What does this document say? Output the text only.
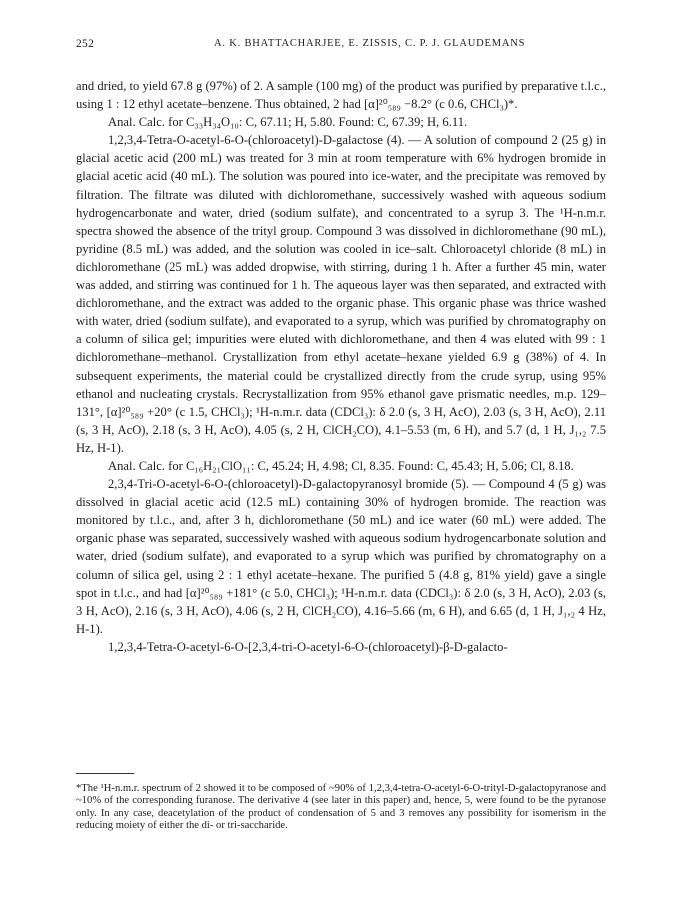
252	A. K. BHATTACHARJEE, E. ZISSIS, C. P. J. GLAUDEMANS

and dried, to yield 67.8 g (97%) of 2. A sample (100 mg) of the product was purified by preparative t.l.c., using 1 : 12 ethyl acetate–benzene. Thus obtained, 2 had [α]²⁰₅₈₉ −8.2° (c 0.6, CHCl₃)*.

Anal. Calc. for C₃₃H₃₄O₁₀: C, 67.11; H, 5.80. Found: C, 67.39; H, 6.11.

1,2,3,4-Tetra-O-acetyl-6-O-(chloroacetyl)-D-galactose (4). — A solution of compound 2 (25 g) in glacial acetic acid (200 mL) was treated for 3 min at room temperature with 6% hydrogen bromide in glacial acetic acid (40 mL). The solution was poured into ice-water, and the precipitate was removed by filtration. The filtrate was diluted with dichloromethane, successively washed with aqueous sodium hydrogencarbonate and water, dried (sodium sulfate), and concentrated to a syrup 3. The ¹H-n.m.r. spectra showed the absence of the trityl group. Compound 3 was dissolved in dichloromethane (90 mL), pyridine (8.5 mL) was added, and the solution was cooled in ice–salt. Chloroacetyl chloride (8 mL) in dichloromethane (25 mL) was added dropwise, with stirring, during 1 h. After a further 45 min, water was added, and stirring was continued for 1 h. The aqueous layer was then separated, and extracted with dichloromethane, and the extract was added to the organic phase. This organic phase was thrice washed with water, dried (sodium sulfate), and evaporated to a syrup, which was purified by chromatography on a column of silica gel; impurities were eluted with dichloromethane, and then 4 was eluted with 99 : 1 dichloromethane–methanol. Crystallization from ethyl acetate–hexane yielded 6.9 g (38%) of 4. In subsequent experiments, the material could be crystallized directly from the crude syrup, using 95% ethanol and nucleating crystals. Recrystallization from 95% ethanol gave prismatic needles, m.p. 129–131°, [α]²⁰₅₈₉ +20° (c 1.5, CHCl₃); ¹H-n.m.r. data (CDCl₃): δ 2.0 (s, 3 H, AcO), 2.03 (s, 3 H, AcO), 2.11 (s, 3 H, AcO), 2.18 (s, 3 H, AcO), 4.05 (s, 2 H, ClCH₂CO), 4.1–5.53 (m, 6 H), and 5.7 (d, 1 H, J₁,₂ 7.5 Hz, H-1).

Anal. Calc. for C₁₆H₂₁ClO₁₁: C, 45.24; H, 4.98; Cl, 8.35. Found: C, 45.43; H, 5.06; Cl, 8.18.

2,3,4-Tri-O-acetyl-6-O-(chloroacetyl)-D-galactopyranosyl bromide (5). — Compound 4 (5 g) was dissolved in glacial acetic acid (12.5 mL) containing 30% of hydrogen bromide. The reaction was monitored by t.l.c., and, after 3 h, dichloromethane (50 mL) and ice water (60 mL) were added. The organic phase was separated, successively washed with aqueous sodium hydrogencarbonate solution and water, dried (sodium sulfate), and evaporated to a syrup which was purified by chromatography on a column of silica gel, using 2 : 1 ethyl acetate–hexane. The purified 5 (4.8 g, 81% yield) gave a single spot in t.l.c., and had [α]²⁰₅₈₉ +181° (c 5.0, CHCl₃); ¹H-n.m.r. data (CDCl₃): δ 2.0 (s, 3 H, AcO), 2.03 (s, 3 H, AcO), 2.16 (s, 3 H, AcO), 4.06 (s, 2 H, ClCH₂CO), 4.16–5.66 (m, 6 H), and 6.65 (d, 1 H, J₁,₂ 4 Hz, H-1).

1,2,3,4-Tetra-O-acetyl-6-O-[2,3,4-tri-O-acetyl-6-O-(chloroacetyl)-β-D-galacto-

*The ¹H-n.m.r. spectrum of 2 showed it to be composed of ~90% of 1,2,3,4-tetra-O-acetyl-6-O-trityl-D-galactopyranose and ~10% of the corresponding furanose. The derivative 4 (see later in this paper) and, hence, 5, were found to be the pyranose only. In any case, deacetylation of the product of condensation of 5 and 3 removes any possibility for isomerism in the reducing moiety of either the di- or tri-saccharide.
